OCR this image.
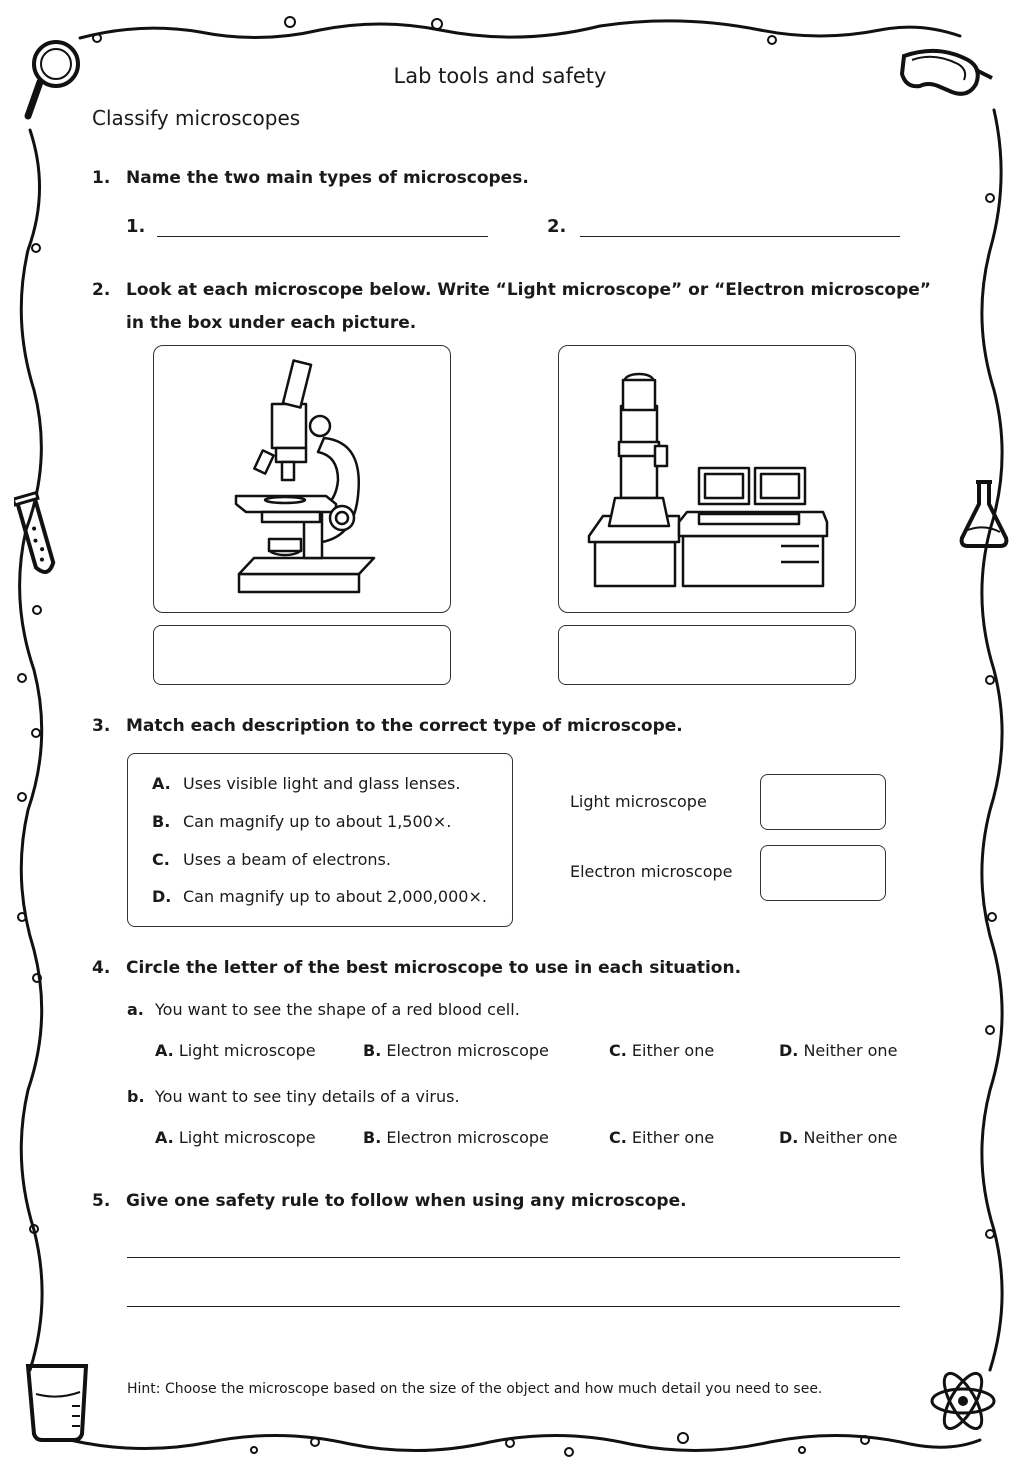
Lab tools and safety
Classify microscopes
1. Name the two main types of microscopes.
1.	2.
2. Look at each microscope below. Write “Light microscope” or “Electron microscope”
in the box under each picture.
3. Match each description to the correct type of microscope.
A. Uses visible light and glass lenses.
B. Can magnify up to about 1,500×.
C. Uses a beam of electrons.
D. Can magnify up to about 2,000,000×.
Light microscope
Electron microscope
4. Circle the letter of the best microscope to use in each situation.
a. You want to see the shape of a red blood cell.
A. Light microscope	B. Electron microscope	C. Either one	D. Neither one
b. You want to see tiny details of a virus.
A. Light microscope	B. Electron microscope	C. Either one	D. Neither one
5. Give one safety rule to follow when using any microscope.
Hint: Choose the microscope based on the size of the object and how much detail you need to see.
